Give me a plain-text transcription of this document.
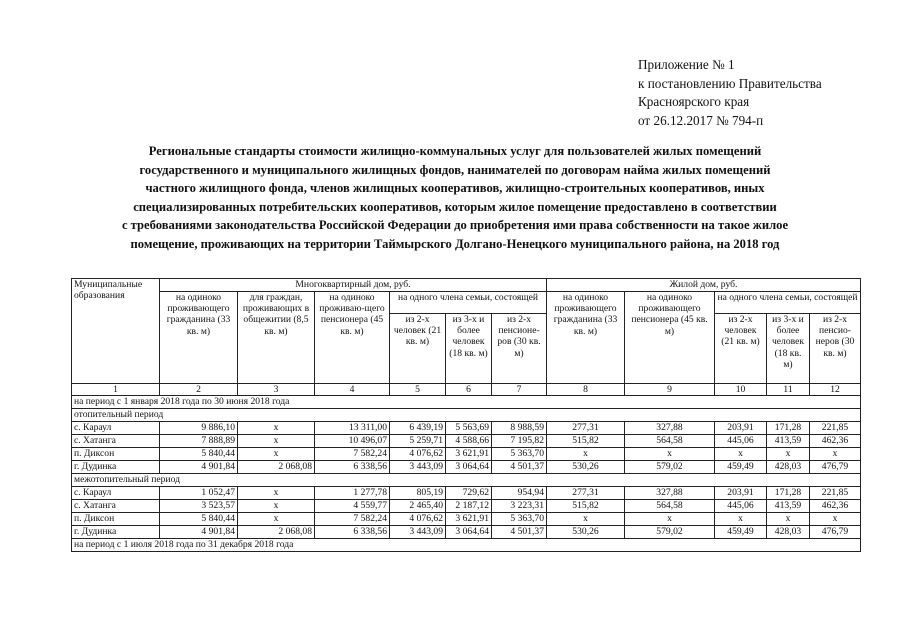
Приложение № 1
к постановлению Правительства
Красноярского края
от 26.12.2017 № 794-п
Региональные стандарты стоимости жилищно-коммунальных услуг для пользователей жилых помещений
государственного и муниципального жилищных фондов, нанимателей по договорам найма жилых помещений
частного жилищного фонда, членов жилищных кооперативов, жилищно-строительных кооперативов, иных
специализированных потребительских кооперативов, которым жилое помещение предоставлено в соответствии
с требованиями законодательства Российской Федерации до приобретения ими права собственности на такое жилое
помещение, проживающих на территории Таймырского Долгано-Ненецкого муниципального района, на 2018 год
Муниципальные образования	Многоквартирный дом, руб.						Жилой дом, руб.				
	на одиноко проживающего гражданина (33 кв. м)	для граждан, проживающих в общежитии (8,5 кв. м)	на одиноко проживаю-щего пенсионера (45 кв. м)	на одного члена семьи, состоящей			на одиноко проживающего гражданина (33 кв. м)	на одиноко проживающего пенсионера (45 кв. м)	на одного члена семьи, состоящей		
				из 2-х человек (21 кв. м)	из 3-х и более человек (18 кв. м)	из 2-х пенсионе-ров (30 кв. м)			из 2-х человек (21 кв. м)	из 3-х и более человек (18 кв. м)	из 2-х пенсио-неров (30 кв. м)
1	2	3	4	5	6	7	8	9	10	11	12
на период с 1 января 2018 года по 30 июня 2018 года											
отопительный период											
с. Караул	9 886,10	х	13 311,00	6 439,19	5 563,69	8 988,59	277,31	327,88	203,91	171,28	221,85
с. Хатанга	7 888,89	х	10 496,07	5 259,71	4 588,66	7 195,82	515,82	564,58	445,06	413,59	462,36
п. Диксон	5 840,44	х	7 582,24	4 076,62	3 621,91	5 363,70	х	х	х	х	х
г. Дудинка	4 901,84	2 068,08	6 338,56	3 443,09	3 064,64	4 501,37	530,26	579,02	459,49	428,03	476,79
межотопительный период											
с. Караул	1 052,47	х	1 277,78	805,19	729,62	954,94	277,31	327,88	203,91	171,28	221,85
с. Хатанга	3 523,57	х	4 559,77	2 465,40	2 187,12	3 223,31	515,82	564,58	445,06	413,59	462,36
п. Диксон	5 840,44	х	7 582,24	4 076,62	3 621,91	5 363,70	х	х	х	х	х
г. Дудинка	4 901,84	2 068,08	6 338,56	3 443,09	3 064,64	4 501,37	530,26	579,02	459,49	428,03	476,79
на период с 1 июля 2018 года по 31 декабря 2018 года											
